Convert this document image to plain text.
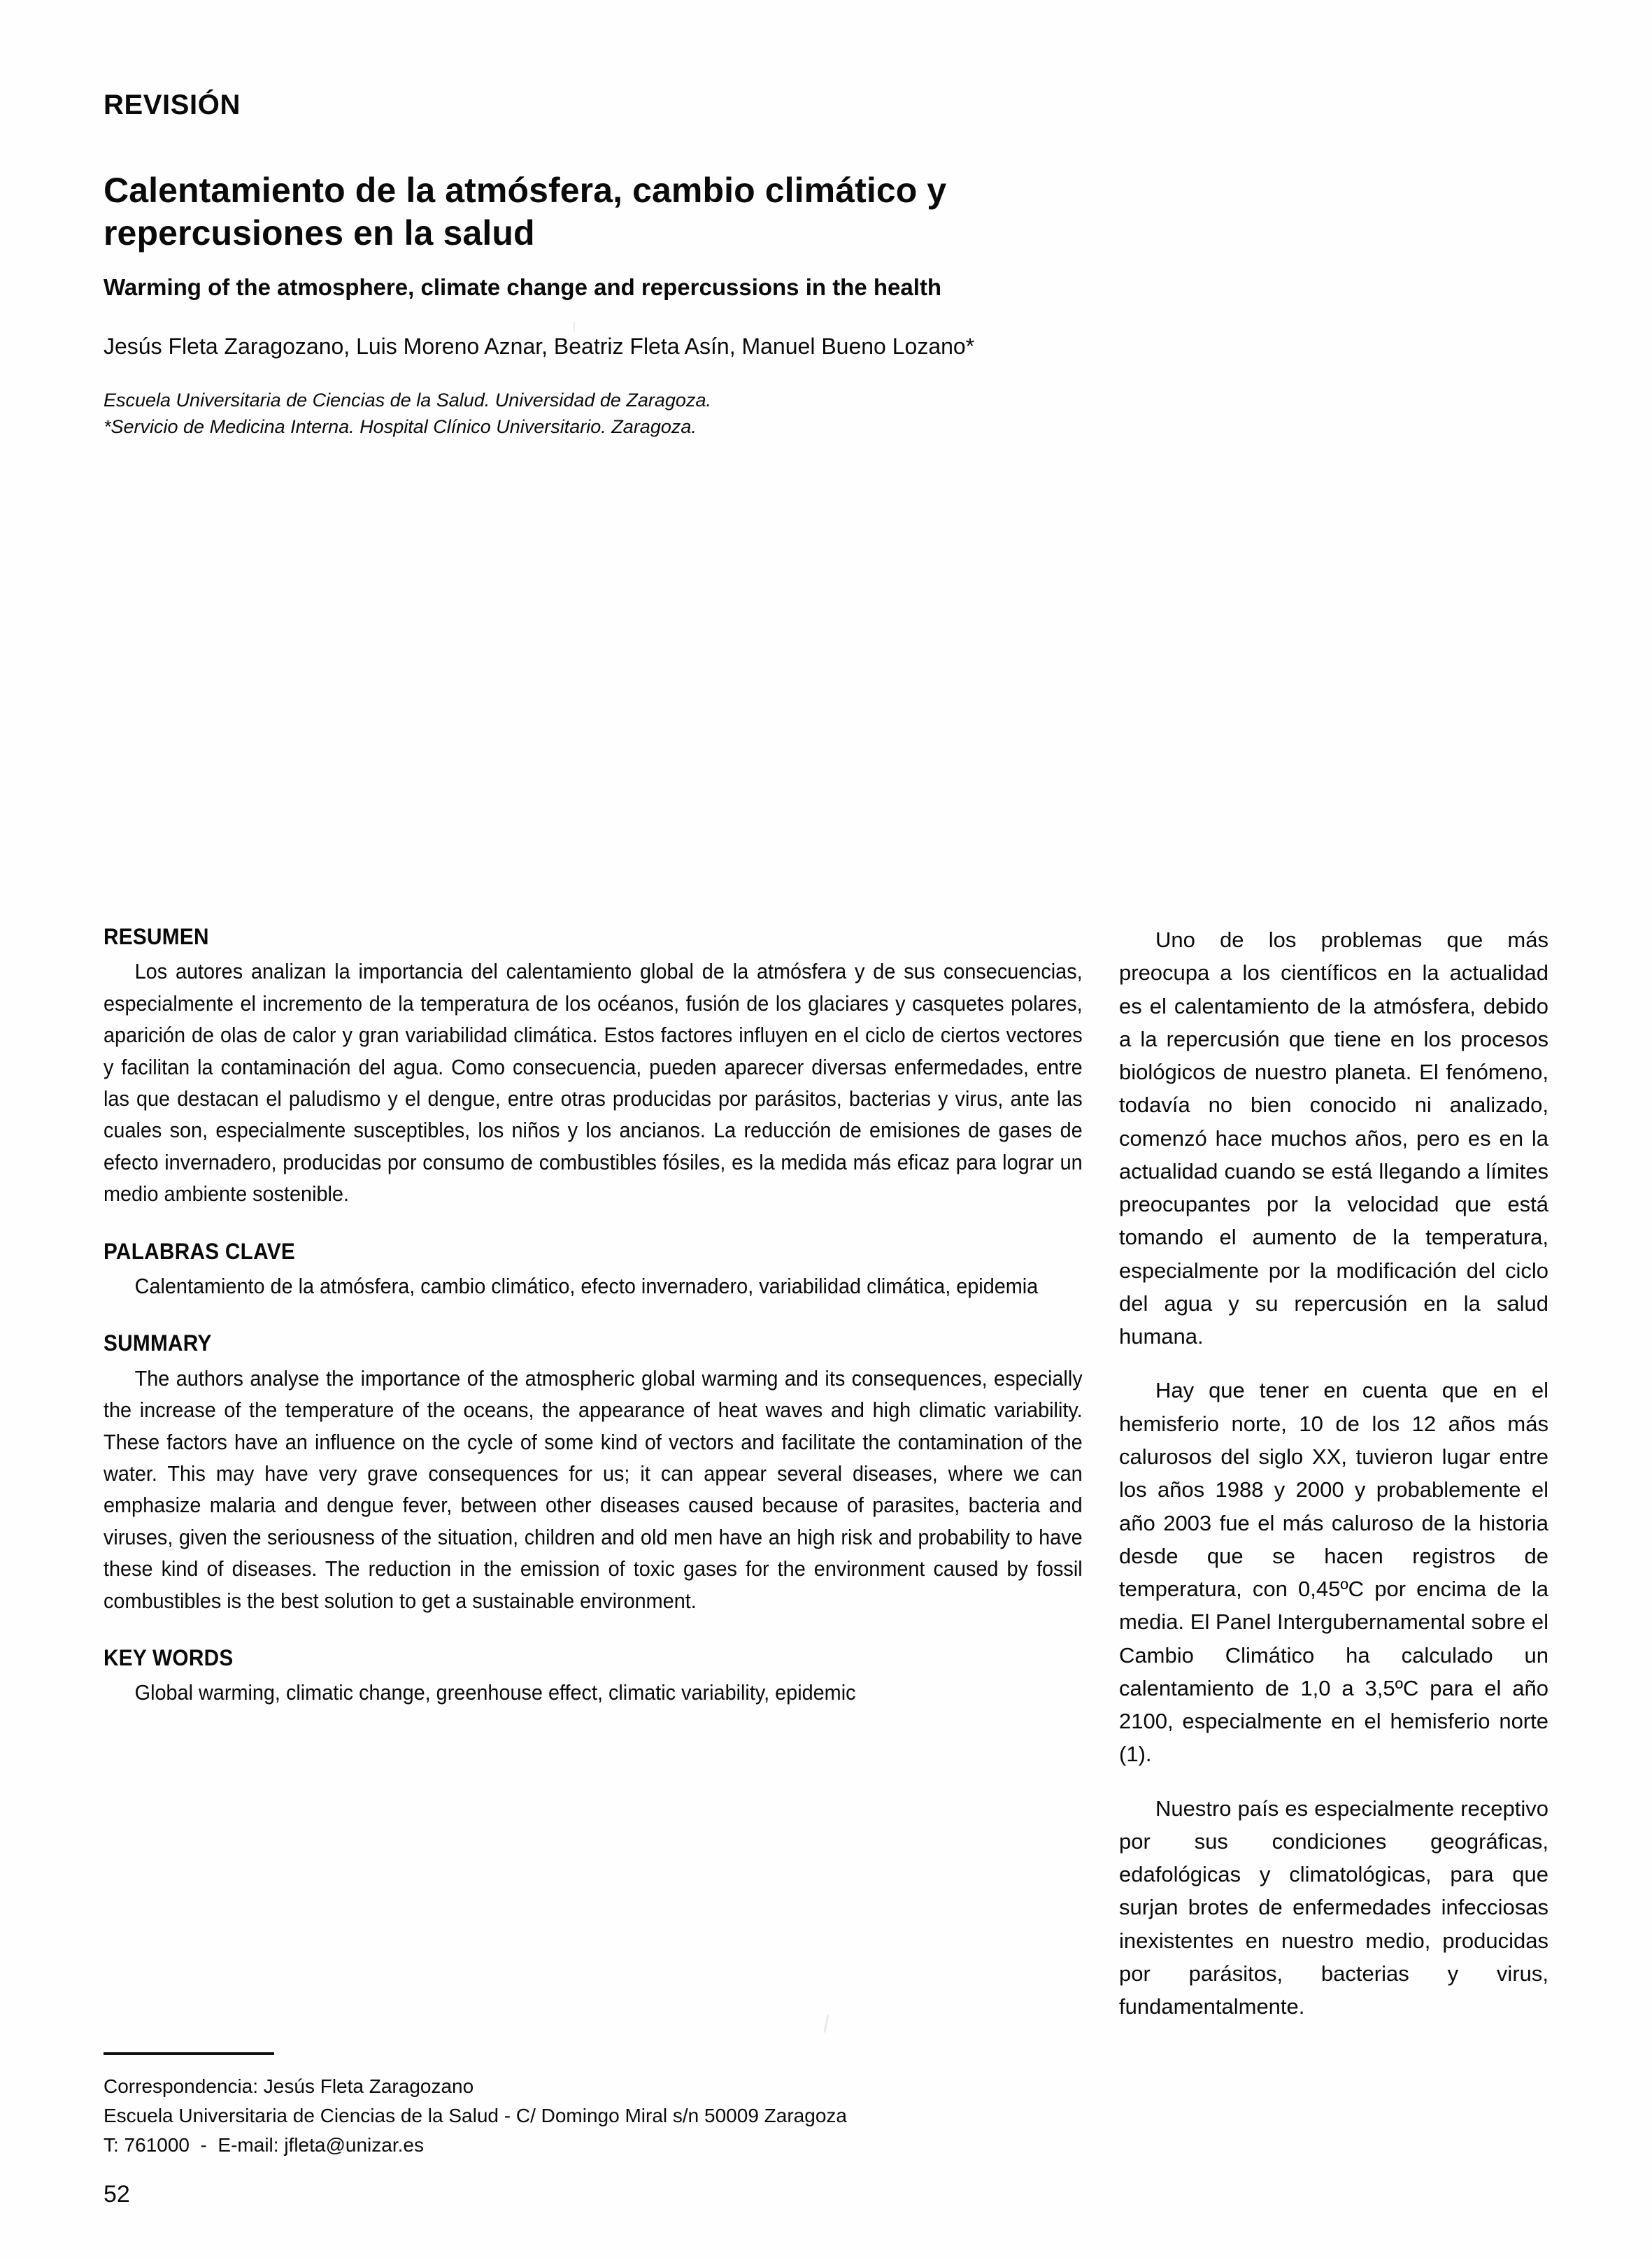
REVISIÓN
Calentamiento de la atmósfera, cambio climático y repercusiones en la salud
Warming of the atmosphere, climate change and repercussions in the health
Jesús Fleta Zaragozano, Luis Moreno Aznar, Beatriz Fleta Asín, Manuel Bueno Lozano*
Escuela Universitaria de Ciencias de la Salud. Universidad de Zaragoza.
*Servicio de Medicina Interna. Hospital Clínico Universitario. Zaragoza.
RESUMEN

Los autores analizan la importancia del calentamiento global de la atmósfera y de sus consecuencias, especialmente el incremento de la temperatura de los océanos, fusión de los glaciares y casquetes polares, aparición de olas de calor y gran variabilidad climática. Estos factores influyen en el ciclo de ciertos vectores y facilitan la contaminación del agua. Como consecuencia, pueden aparecer diversas enfermedades, entre las que destacan el paludismo y el dengue, entre otras producidas por parásitos, bacterias y virus, ante las cuales son, especialmente susceptibles, los niños y los ancianos. La reducción de emisiones de gases de efecto invernadero, producidas por consumo de combustibles fósiles, es la medida más eficaz para lograr un medio ambiente sostenible.

PALABRAS CLAVE

Calentamiento de la atmósfera, cambio climático, efecto invernadero, variabilidad climática, epidemia

SUMMARY

The authors analyse the importance of the atmospheric global warming and its consequences, especially the increase of the temperature of the oceans, the appearance of heat waves and high climatic variability. These factors have an influence on the cycle of some kind of vectors and facilitate the contamination of the water. This may have very grave consequences for us; it can appear several diseases, where we can emphasize malaria and dengue fever, between other diseases caused because of parasites, bacteria and viruses, given the seriousness of the situation, children and old men have an high risk and probability to have these kind of diseases. The reduction in the emission of toxic gases for the environment caused by fossil combustibles is the best solution to get a sustainable environment.

KEY WORDS

Global warming, climatic change, greenhouse effect, climatic variability, epidemic

Uno de los problemas que más preocupa a los científicos en la actualidad es el calentamiento de la atmósfera, debido a la repercusión que tiene en los procesos biológicos de nuestro planeta. El fenómeno, todavía no bien conocido ni analizado, comenzó hace muchos años, pero es en la actualidad cuando se está llegando a límites preocupantes por la velocidad que está tomando el aumento de la temperatura, especialmente por la modificación del ciclo del agua y su repercusión en la salud humana.

Hay que tener en cuenta que en el hemisferio norte, 10 de los 12 años más calurosos del siglo XX, tuvieron lugar entre los años 1988 y 2000 y probablemente el año 2003 fue el más caluroso de la historia desde que se hacen registros de temperatura, con 0,45ºC por encima de la media. El Panel Intergubernamental sobre el Cambio Climático ha calculado un calentamiento de 1,0 a 3,5ºC para el año 2100, especialmente en el hemisferio norte (1).

Nuestro país es especialmente receptivo por sus condiciones geográficas, edafológicas y climatológicas, para que surjan brotes de enfermedades infecciosas inexistentes en nuestro medio, producidas por parásitos, bacterias y virus, fundamentalmente.

Correspondencia: Jesús Fleta Zaragozano
Escuela Universitaria de Ciencias de la Salud - C/ Domingo Miral s/n 50009 Zaragoza
T: 761000  -  E-mail: jfleta@unizar.es
52
